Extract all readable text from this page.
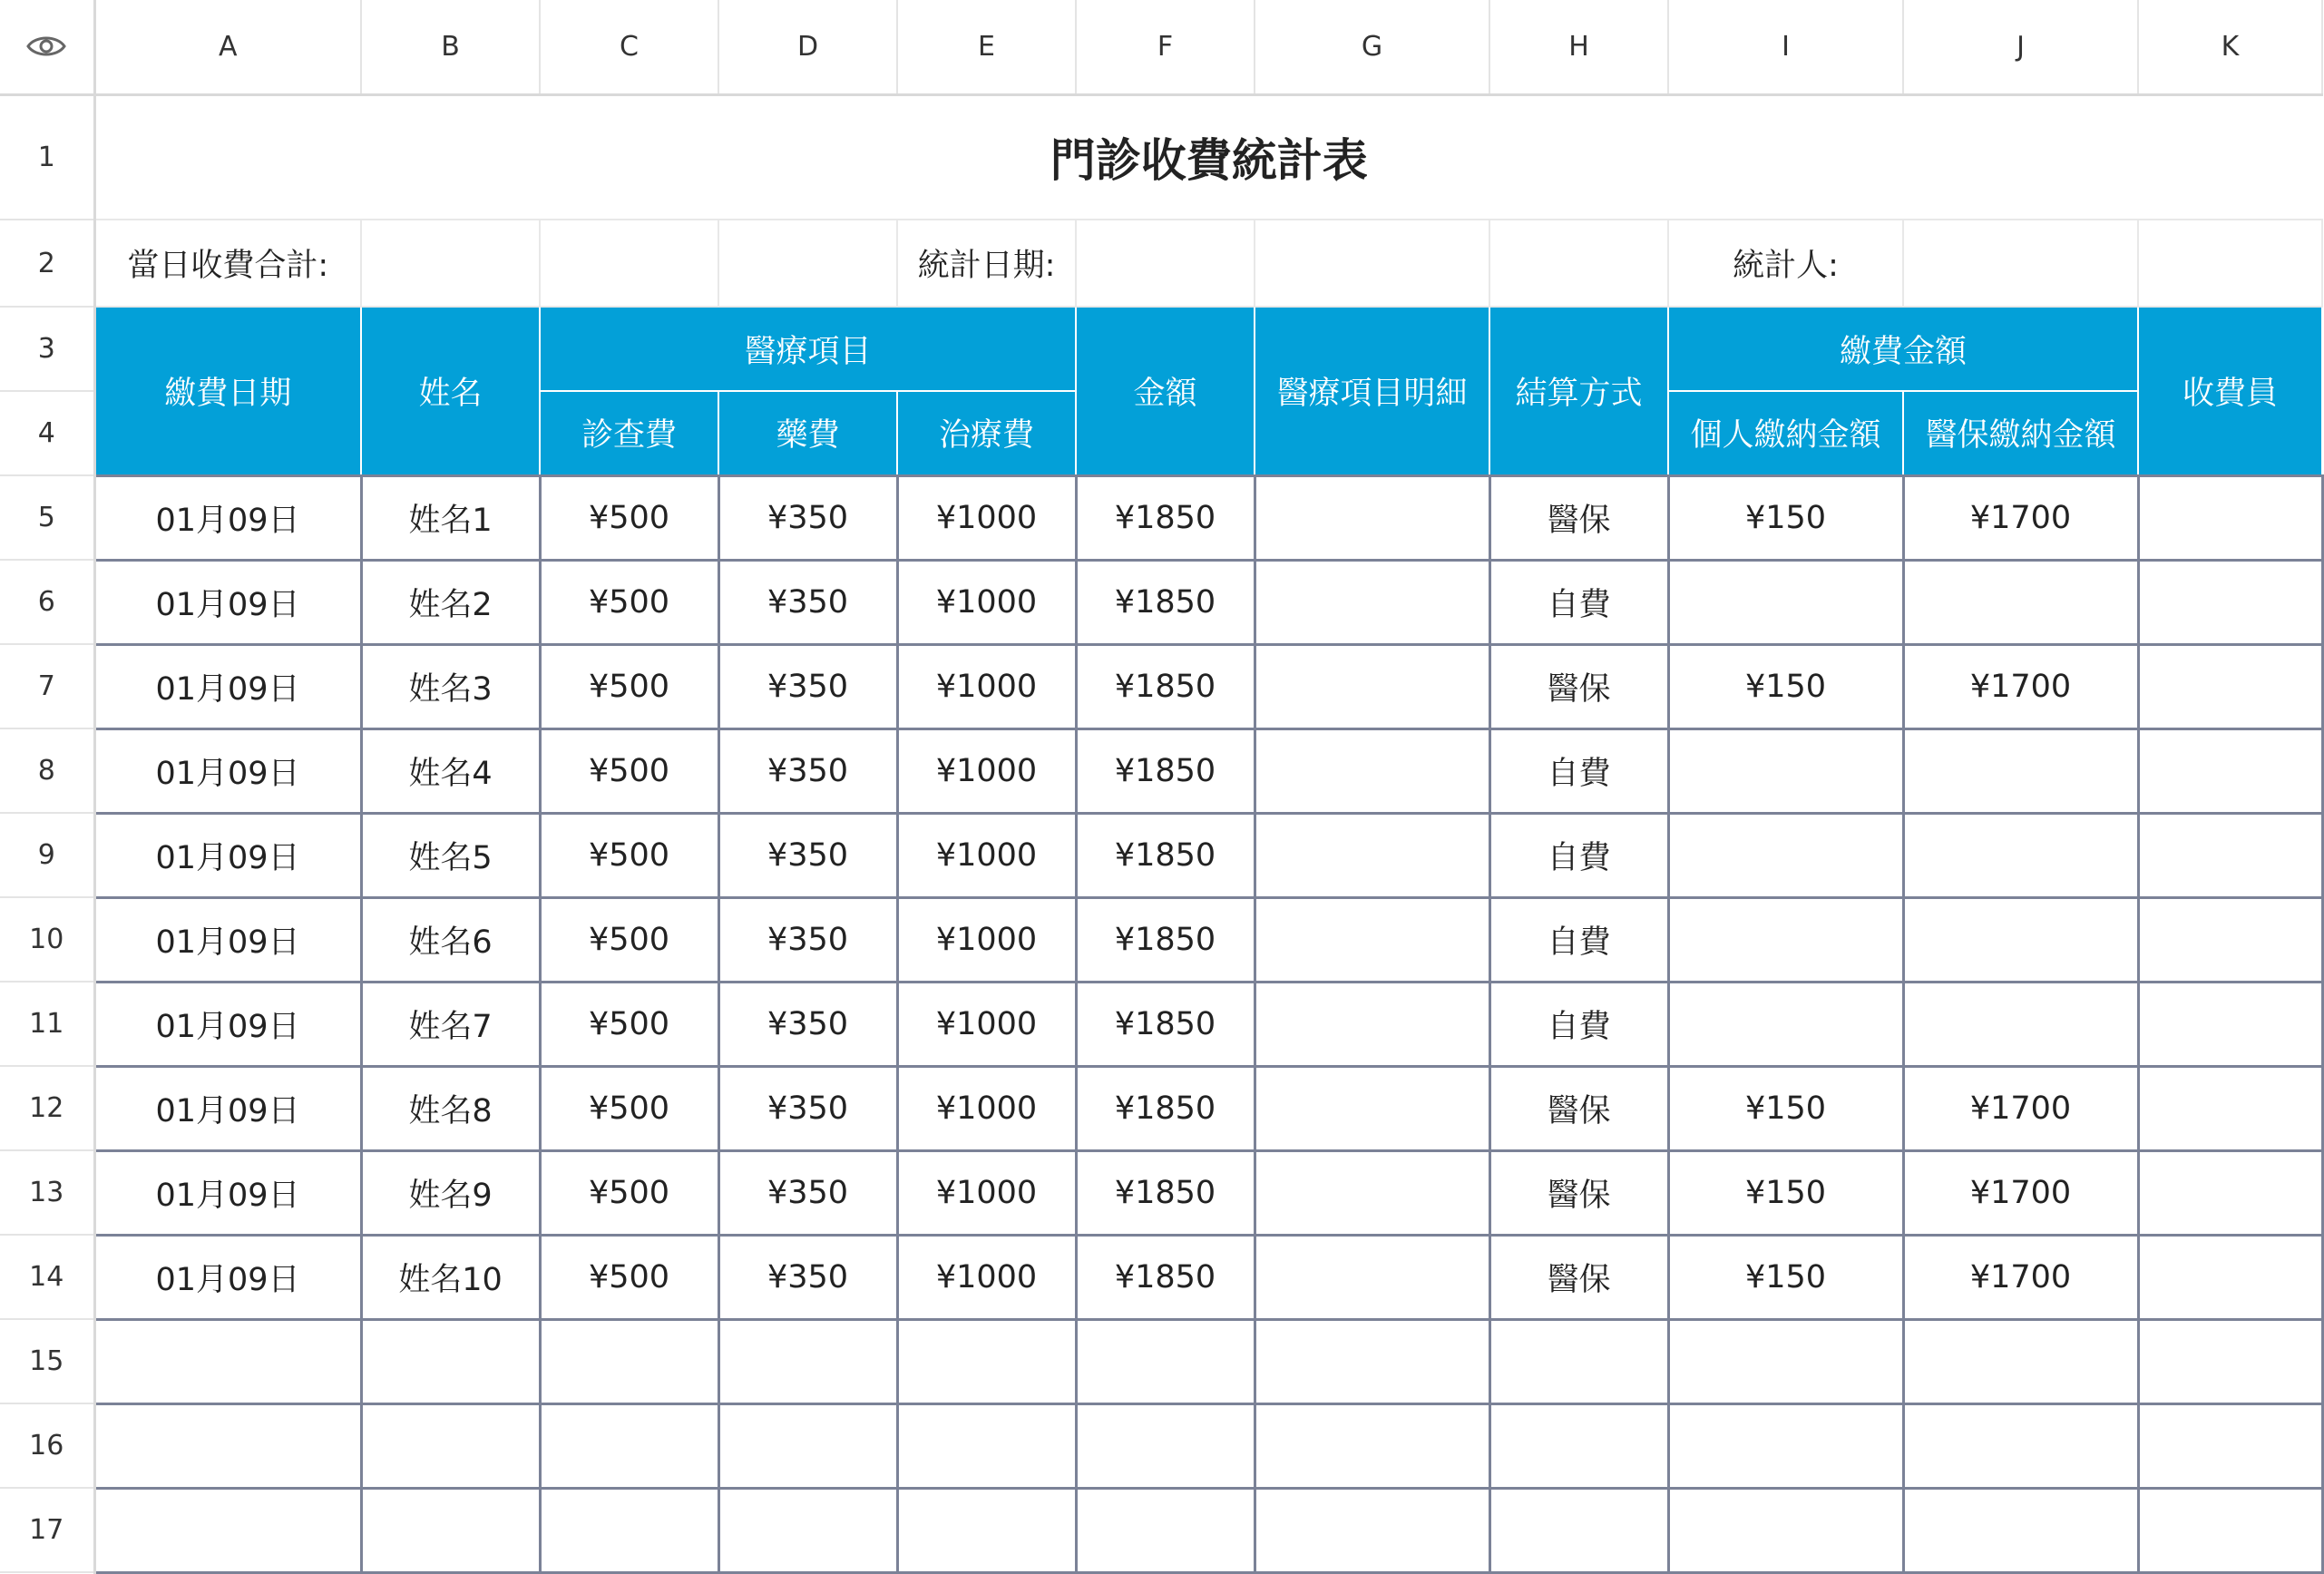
	A	B	C	D	E	F	G	H	I	J	K
1	門診收費統計表										
2	當日收費合計:				統計日期:				統計人:		
3	繳費日期	姓名	醫療項目			金額	醫療項目明細	結算方式	繳費金額		收費員
4			診查費	藥費	治療費				個人繳納金額	醫保繳納金額	
5	01月09日	姓名1	¥500	¥350	¥1000	¥1850		醫保	¥150	¥1700	
6	01月09日	姓名2	¥500	¥350	¥1000	¥1850		自費			
7	01月09日	姓名3	¥500	¥350	¥1000	¥1850		醫保	¥150	¥1700	
8	01月09日	姓名4	¥500	¥350	¥1000	¥1850		自費			
9	01月09日	姓名5	¥500	¥350	¥1000	¥1850		自費			
10	01月09日	姓名6	¥500	¥350	¥1000	¥1850		自費			
11	01月09日	姓名7	¥500	¥350	¥1000	¥1850		自費			
12	01月09日	姓名8	¥500	¥350	¥1000	¥1850		醫保	¥150	¥1700	
13	01月09日	姓名9	¥500	¥350	¥1000	¥1850		醫保	¥150	¥1700	
14	01月09日	姓名10	¥500	¥350	¥1000	¥1850		醫保	¥150	¥1700	
15											
16											
17											
